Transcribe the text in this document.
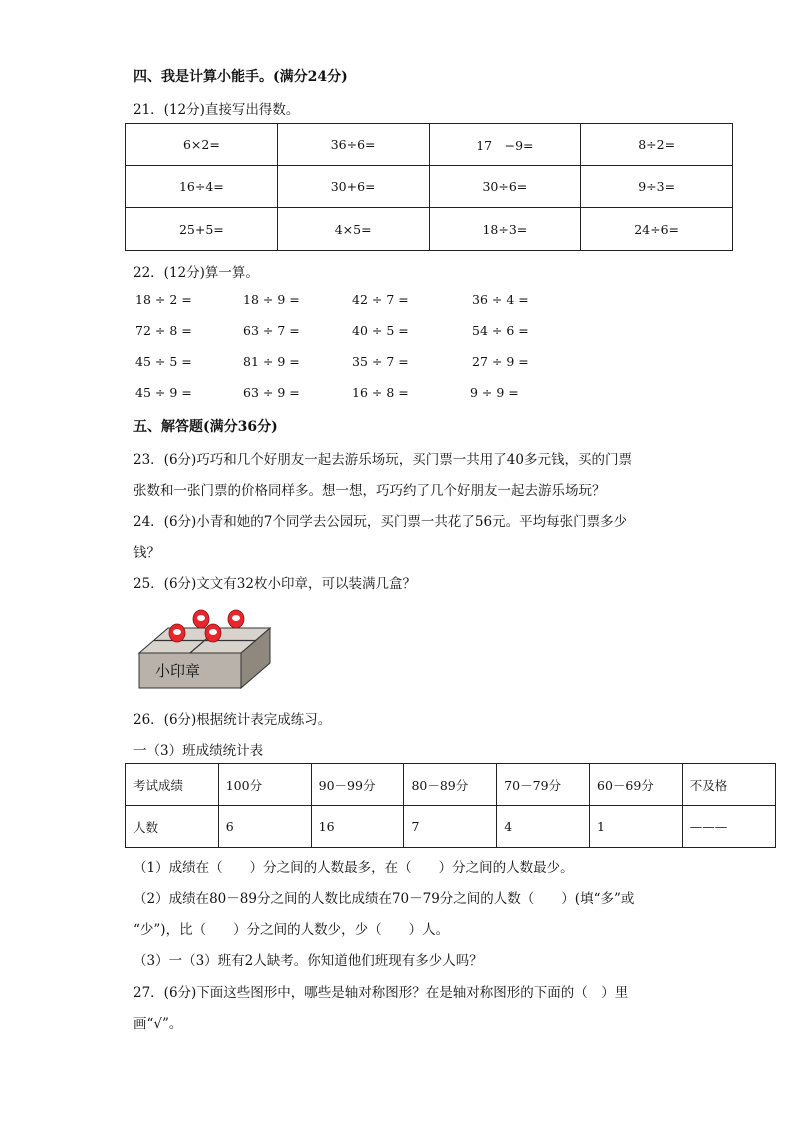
四、我是计算小能手。(满分24分)
21．(12分)直接写出得数。
6×2=	36÷6=	17　−9=	8÷2=
16÷4=	30+6=	30÷6=	9÷3=
25+5=	4×5=	18÷3=	24÷6=
22．(12分)算一算。
18 ÷ 2 =	18 ÷ 9 =	42 ÷ 7 =	36 ÷ 4 =
72 ÷ 8 =	63 ÷ 7 =	40 ÷ 5 =	54 ÷ 6 =
45 ÷ 5 =	81 ÷ 9 =	35 ÷ 7 =	27 ÷ 9 =
45 ÷ 9 =	63 ÷ 9 =	16 ÷ 8 =	9 ÷ 9 =
五、解答题(满分36分)
23．(6分)巧巧和几个好朋友一起去游乐场玩，买门票一共用了40多元钱，买的门票
张数和一张门票的价格同样多。想一想，巧巧约了几个好朋友一起去游乐场玩？
24．(6分)小青和她的7个同学去公园玩，买门票一共花了56元。平均每张门票多少
钱？
25．(6分)文文有32枚小印章，可以装满几盒？
小印章
26．(6分)根据统计表完成练习。
一（3）班成绩统计表
考试成绩	100分	90－99分	80－89分	70－79分	60－69分	不及格
人数	6	16	7	4	1	———
（1）成绩在（　　）分之间的人数最多，在（　　）分之间的人数最少。
（2）成绩在80－89分之间的人数比成绩在70－79分之间的人数（　　）(填“多”或
“少”)，比（　　）分之间的人数少，少（　　）人。
（3）一（3）班有2人缺考。你知道他们班现有多少人吗？
27．(6分)下面这些图形中，哪些是轴对称图形？在是轴对称图形的下面的（　）里
画“√”。
